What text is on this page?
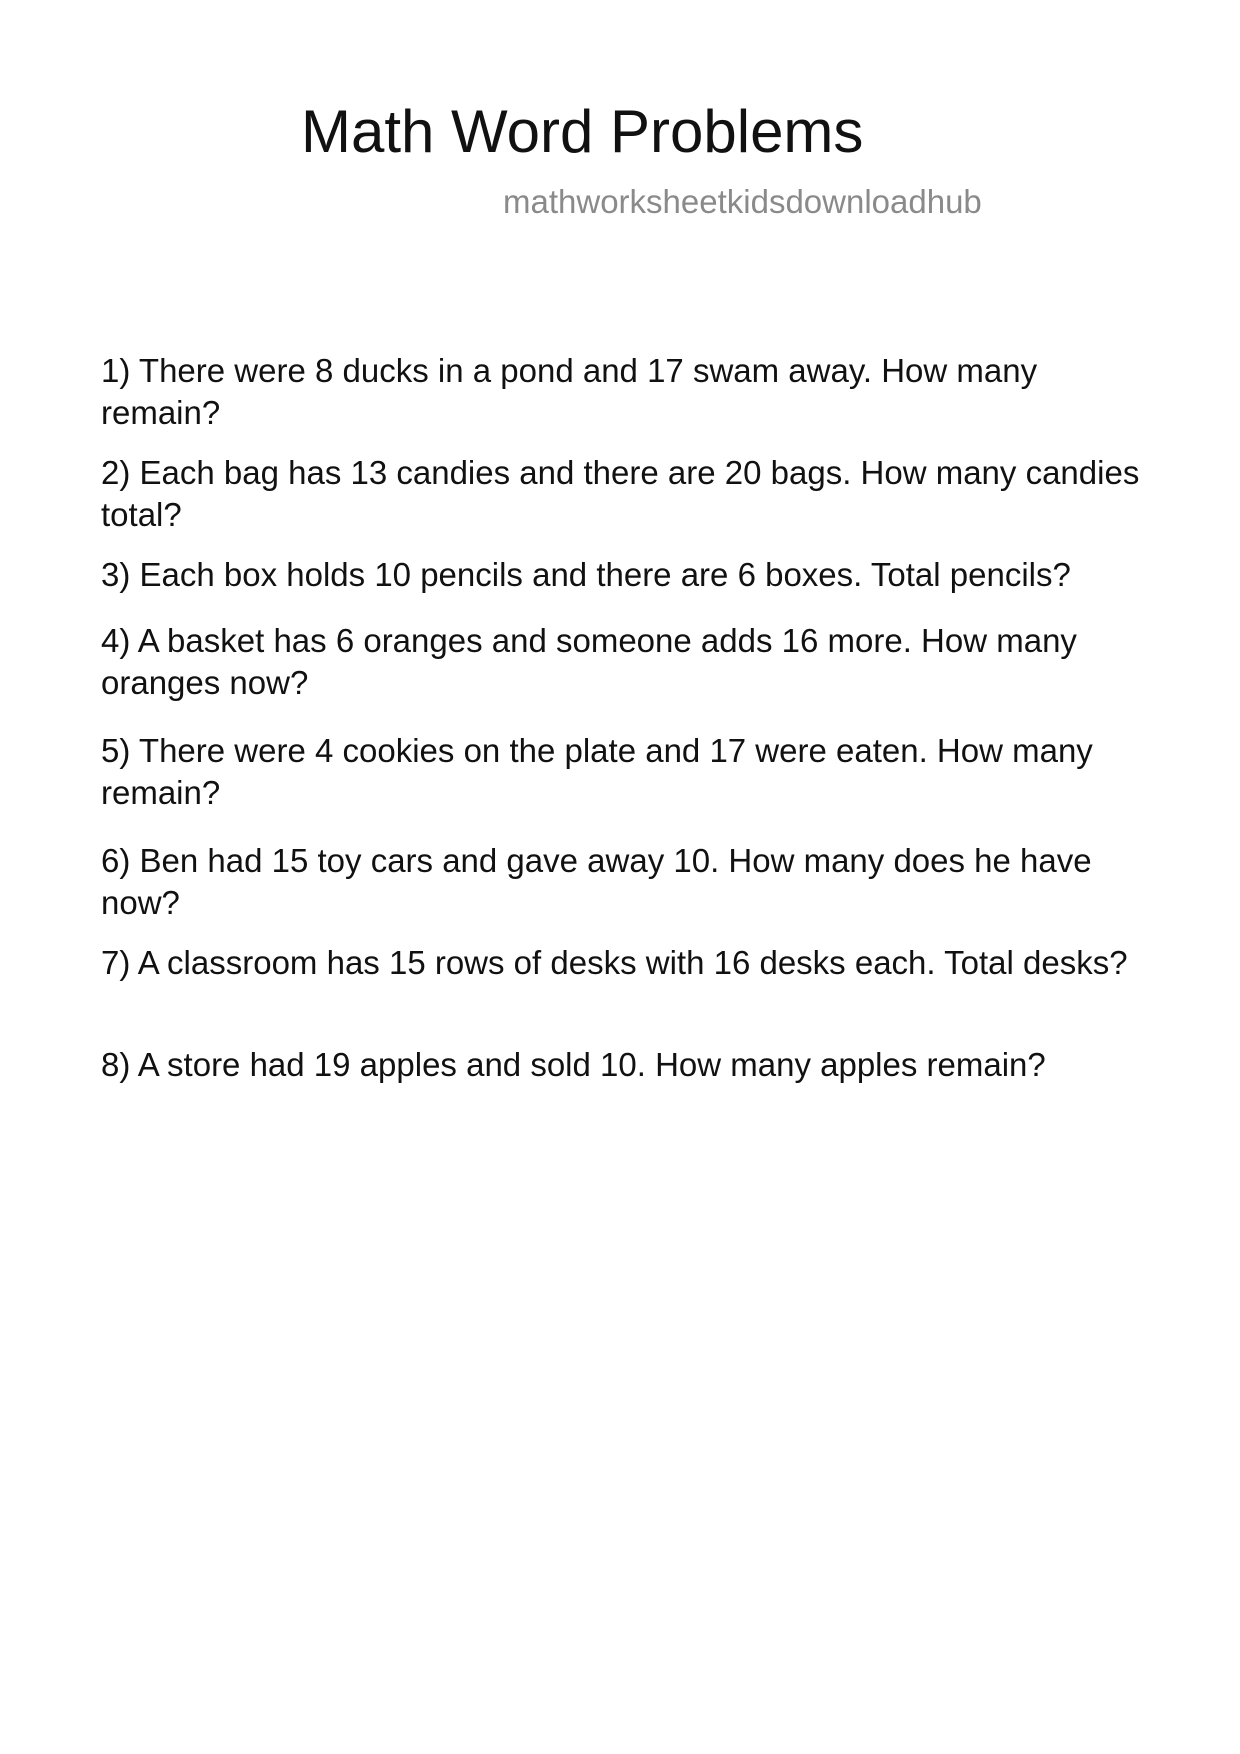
Math Word Problems
mathworksheetkidsdownloadhub
1) There were 8 ducks in a pond and 17 swam away. How many remain?
2) Each bag has 13 candies and there are 20 bags. How many candies total?
3) Each box holds 10 pencils and there are 6 boxes. Total pencils?
4) A basket has 6 oranges and someone adds 16 more. How many oranges now?
5) There were 4 cookies on the plate and 17 were eaten. How many remain?
6) Ben had 15 toy cars and gave away 10. How many does he have now?
7) A classroom has 15 rows of desks with 16 desks each. Total desks?
8) A store had 19 apples and sold 10. How many apples remain?
